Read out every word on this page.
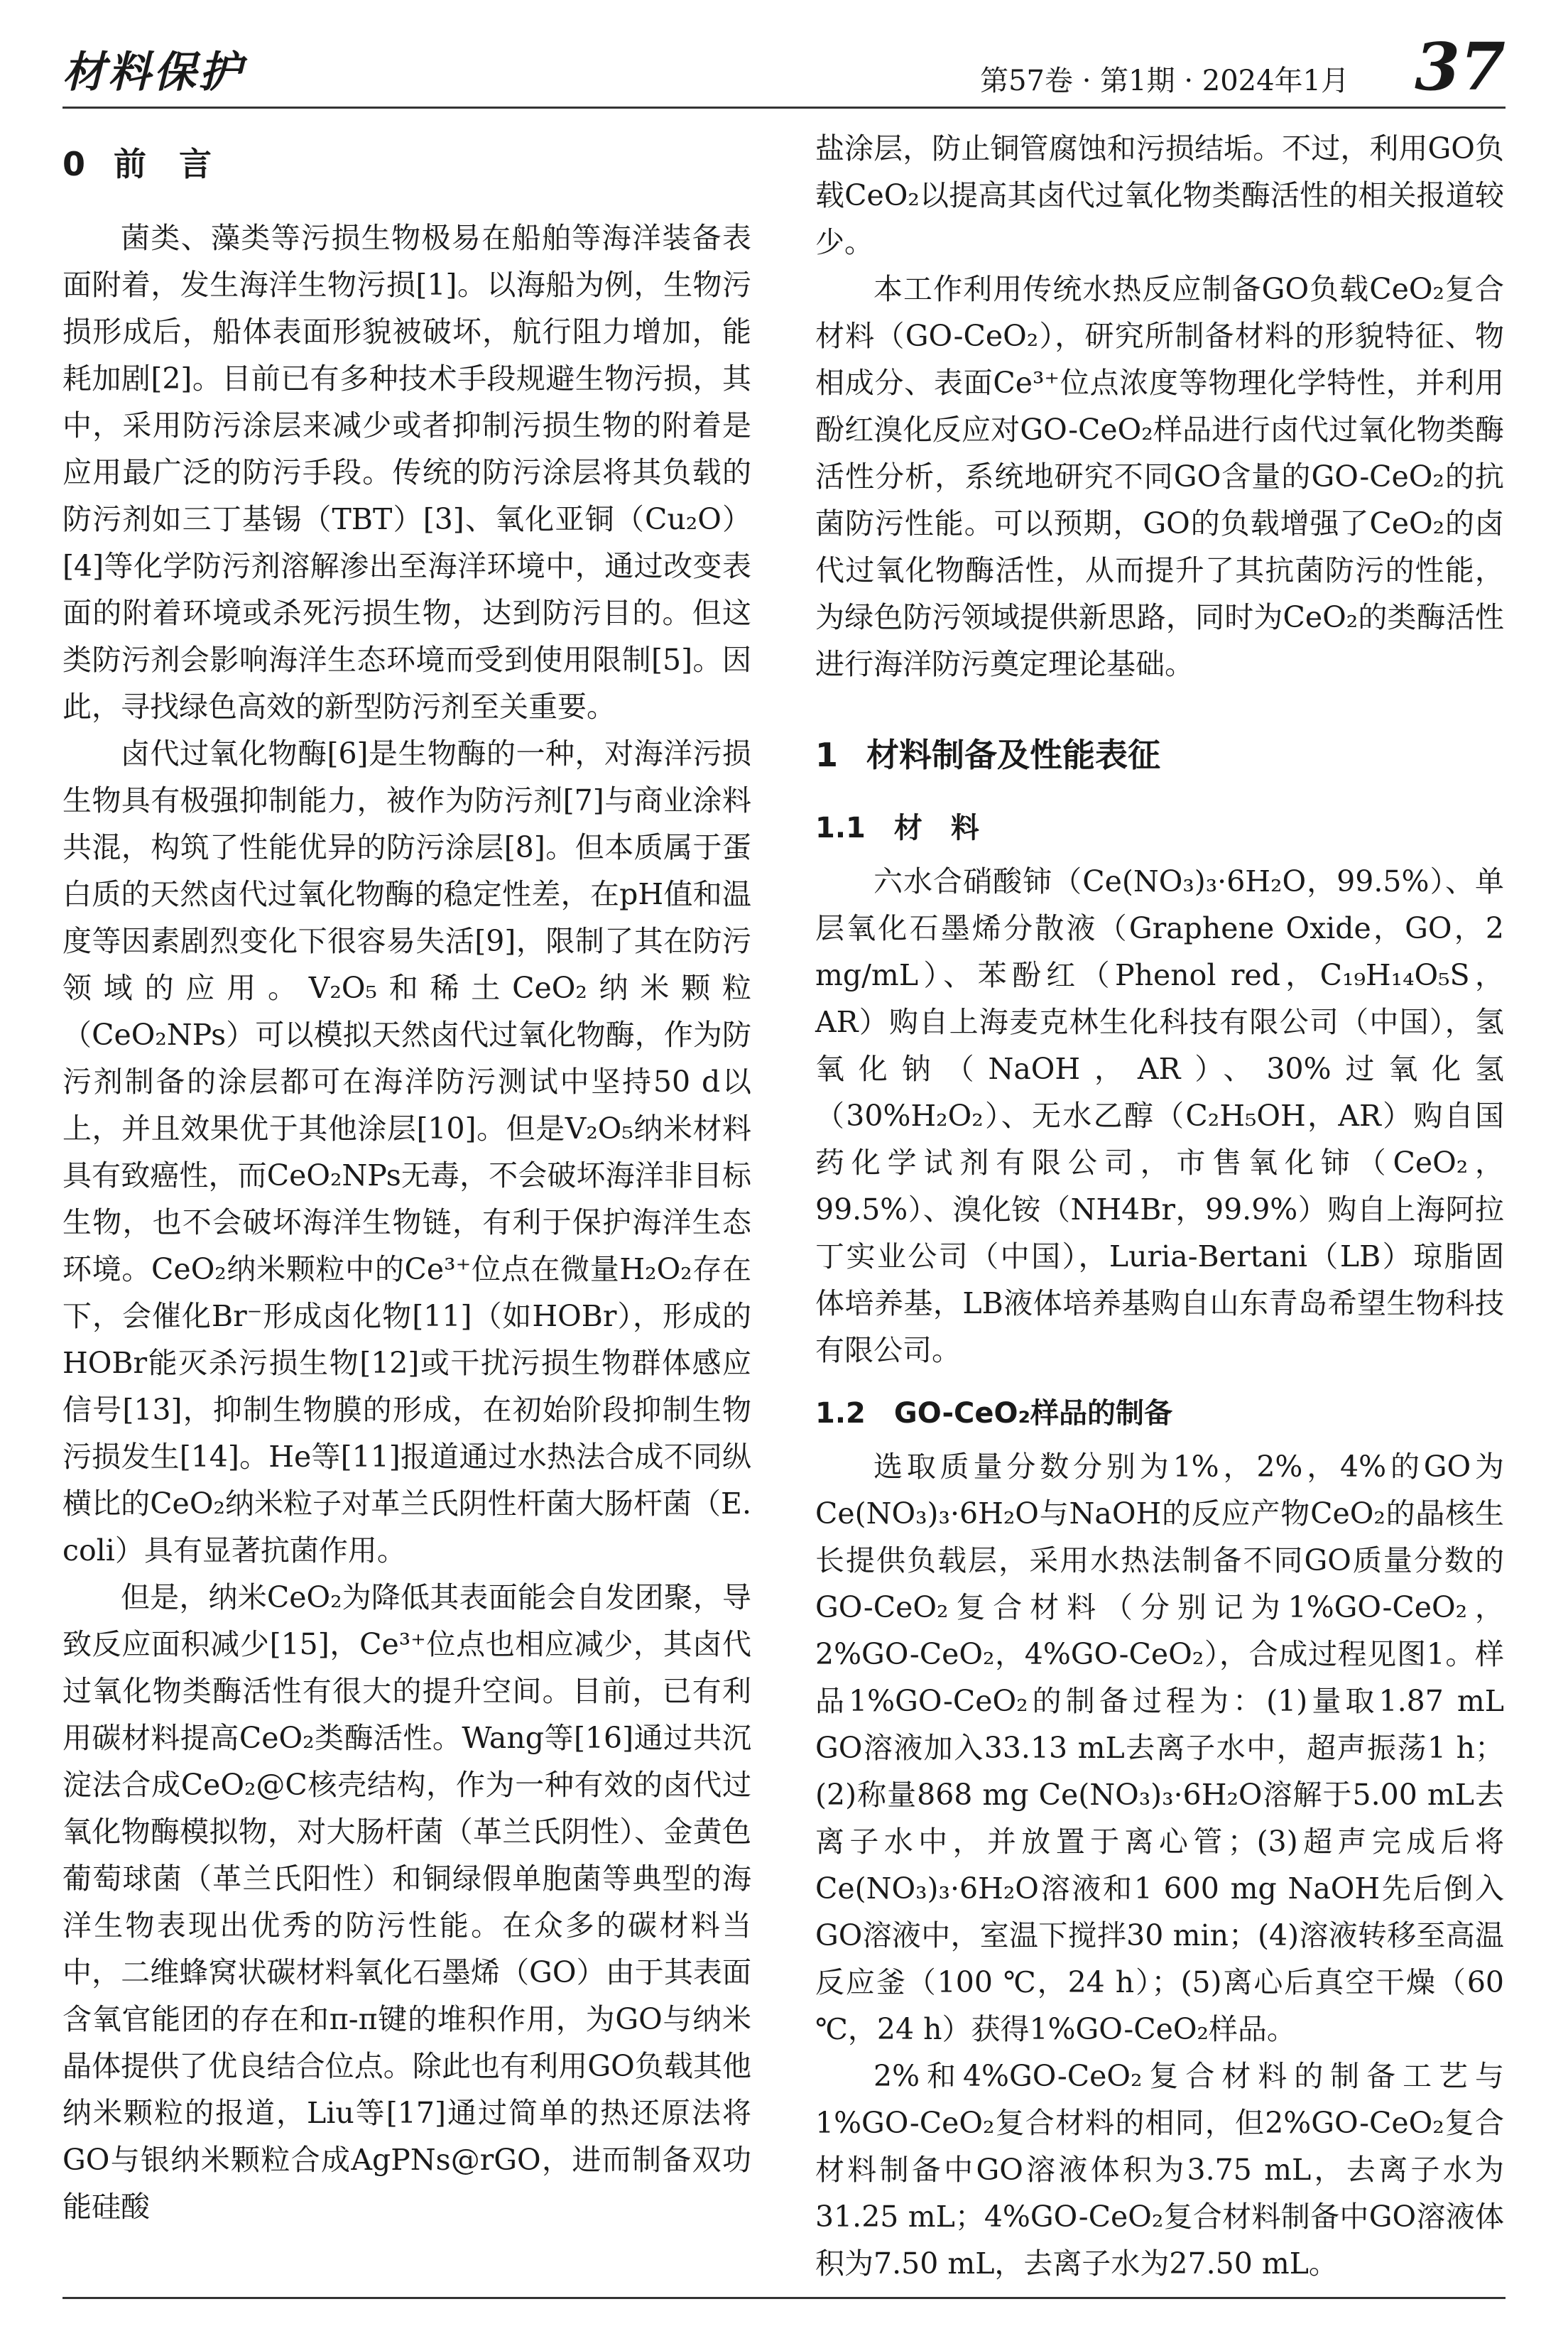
材料保护	第57卷 · 第1期 · 2024年1月 37
0 前　言

菌类、藻类等污损生物极易在船舶等海洋装备表面附着，发生海洋生物污损[1]。以海船为例，生物污损形成后，船体表面形貌被破坏，航行阻力增加，能耗加剧[2]。目前已有多种技术手段规避生物污损，其中，采用防污涂层来减少或者抑制污损生物的附着是应用最广泛的防污手段。传统的防污涂层将其负载的防污剂如三丁基锡（TBT）[3]、氧化亚铜（Cu₂O）[4]等化学防污剂溶解渗出至海洋环境中，通过改变表面的附着环境或杀死污损生物，达到防污目的。但这类防污剂会影响海洋生态环境而受到使用限制[5]。因此，寻找绿色高效的新型防污剂至关重要。

卤代过氧化物酶[6]是生物酶的一种，对海洋污损生物具有极强抑制能力，被作为防污剂[7]与商业涂料共混，构筑了性能优异的防污涂层[8]。但本质属于蛋白质的天然卤代过氧化物酶的稳定性差，在pH值和温度等因素剧烈变化下很容易失活[9]，限制了其在防污领域的应用。V₂O₅和稀土CeO₂纳米颗粒（CeO₂NPs）可以模拟天然卤代过氧化物酶，作为防污剂制备的涂层都可在海洋防污测试中坚持50 d以上，并且效果优于其他涂层[10]。但是V₂O₅纳米材料具有致癌性，而CeO₂NPs无毒，不会破坏海洋非目标生物，也不会破坏海洋生物链，有利于保护海洋生态环境。CeO₂纳米颗粒中的Ce³⁺位点在微量H₂O₂存在下，会催化Br⁻形成卤化物[11]（如HOBr），形成的HOBr能灭杀污损生物[12]或干扰污损生物群体感应信号[13]，抑制生物膜的形成，在初始阶段抑制生物污损发生[14]。He等[11]报道通过水热法合成不同纵横比的CeO₂纳米粒子对革兰氏阴性杆菌大肠杆菌（E. coli）具有显著抗菌作用。

但是，纳米CeO₂为降低其表面能会自发团聚，导致反应面积减少[15]，Ce³⁺位点也相应减少，其卤代过氧化物类酶活性有很大的提升空间。目前，已有利用碳材料提高CeO₂类酶活性。Wang等[16]通过共沉淀法合成CeO₂@C核壳结构，作为一种有效的卤代过氧化物酶模拟物，对大肠杆菌（革兰氏阴性）、金黄色葡萄球菌（革兰氏阳性）和铜绿假单胞菌等典型的海洋生物表现出优秀的防污性能。在众多的碳材料当中，二维蜂窝状碳材料氧化石墨烯（GO）由于其表面含氧官能团的存在和π-π键的堆积作用，为GO与纳米晶体提供了优良结合位点。除此也有利用GO负载其他纳米颗粒的报道，Liu等[17]通过简单的热还原法将GO与银纳米颗粒合成AgPNs@rGO，进而制备双功能硅酸

盐涂层，防止铜管腐蚀和污损结垢。不过，利用GO负载CeO₂以提高其卤代过氧化物类酶活性的相关报道较少。

本工作利用传统水热反应制备GO负载CeO₂复合材料（GO-CeO₂），研究所制备材料的形貌特征、物相成分、表面Ce³⁺位点浓度等物理化学特性，并利用酚红溴化反应对GO-CeO₂样品进行卤代过氧化物类酶活性分析，系统地研究不同GO含量的GO-CeO₂的抗菌防污性能。可以预期，GO的负载增强了CeO₂的卤代过氧化物酶活性，从而提升了其抗菌防污的性能，为绿色防污领域提供新思路，同时为CeO₂的类酶活性进行海洋防污奠定理论基础。

1 材料制备及性能表征
1.1 材　料

六水合硝酸铈（Ce(NO₃)₃·6H₂O，99.5%）、单层氧化石墨烯分散液（Graphene Oxide，GO，2 mg/mL）、苯酚红（Phenol red，C₁₉H₁₄O₅S，AR）购自上海麦克林生化科技有限公司（中国），氢氧化钠（NaOH，AR）、30%过氧化氢（30%H₂O₂）、无水乙醇（C₂H₅OH，AR）购自国药化学试剂有限公司，市售氧化铈（CeO₂，99.5%）、溴化铵（NH4Br，99.9%）购自上海阿拉丁实业公司（中国），Luria-Bertani（LB）琼脂固体培养基，LB液体培养基购自山东青岛希望生物科技有限公司。

1.2 GO-CeO₂样品的制备

选取质量分数分别为1%，2%，4%的GO为Ce(NO₃)₃·6H₂O与NaOH的反应产物CeO₂的晶核生长提供负载层，采用水热法制备不同GO质量分数的GO-CeO₂复合材料（分别记为1%GO-CeO₂，2%GO-CeO₂，4%GO-CeO₂），合成过程见图1。样品1%GO-CeO₂的制备过程为：(1)量取1.87 mL GO溶液加入33.13 mL去离子水中，超声振荡1 h；(2)称量868 mg Ce(NO₃)₃·6H₂O溶解于5.00 mL去离子水中，并放置于离心管；(3)超声完成后将Ce(NO₃)₃·6H₂O溶液和1 600 mg NaOH先后倒入GO溶液中，室温下搅拌30 min；(4)溶液转移至高温反应釜（100 ℃，24 h）；(5)离心后真空干燥（60 ℃，24 h）获得1%GO-CeO₂样品。

2%和4%GO-CeO₂复合材料的制备工艺与1%GO-CeO₂复合材料的相同，但2%GO-CeO₂复合材料制备中GO溶液体积为3.75 mL，去离子水为31.25 mL；4%GO-CeO₂复合材料制备中GO溶液体积为7.50 mL，去离子水为27.50 mL。
